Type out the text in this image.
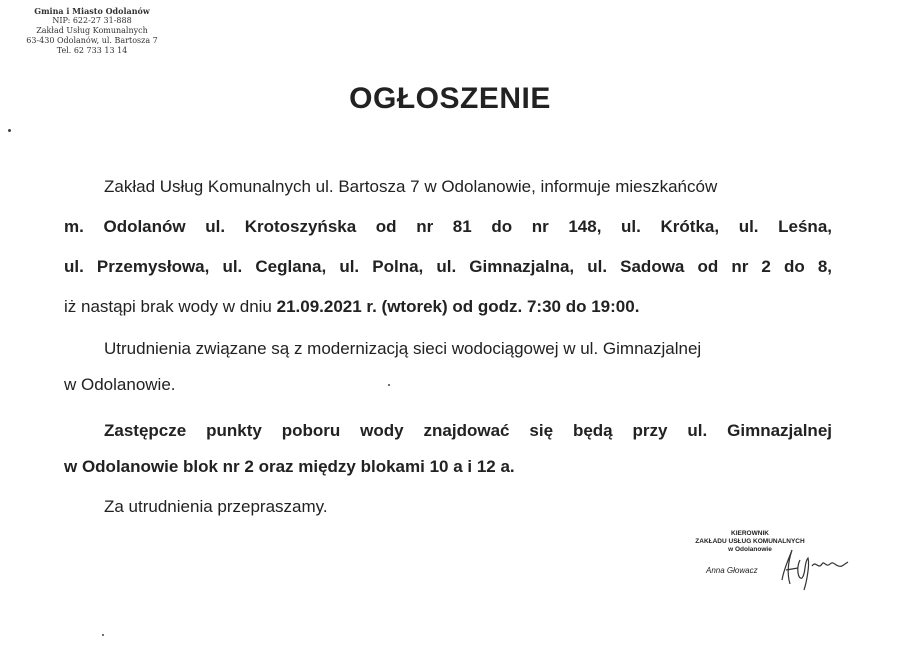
Gmina i Miasto Odolanów
NIP: 622-27 31-888
Zakład Usług Komunalnych
63-430 Odolanów, ul. Bartosza 7
Tel. 62 733 13 14
OGŁOSZENIE
Zakład Usług Komunalnych ul. Bartosza 7 w Odolanowie, informuje mieszkańców
m. Odolanów ul. Krotoszyńska od nr 81 do nr 148, ul. Krótka, ul. Leśna,
ul. Przemysłowa, ul. Ceglana, ul. Polna, ul. Gimnazjalna, ul. Sadowa od nr 2 do 8,
iż nastąpi brak wody w dniu 21.09.2021 r. (wtorek) od godz. 7:30 do 19:00.
Utrudnienia związane są z modernizacją sieci wodociągowej w ul. Gimnazjalnej
w Odolanowie.
Zastępcze punkty poboru wody znajdować się będą przy ul. Gimnazjalnej
w Odolanowie blok nr 2 oraz między blokami 10 a i 12 a.
Za utrudnienia przepraszamy.
KIEROWNIK
ZAKŁADU USŁUG KOMUNALNYCH
w Odolanowie
Anna Głowacz
